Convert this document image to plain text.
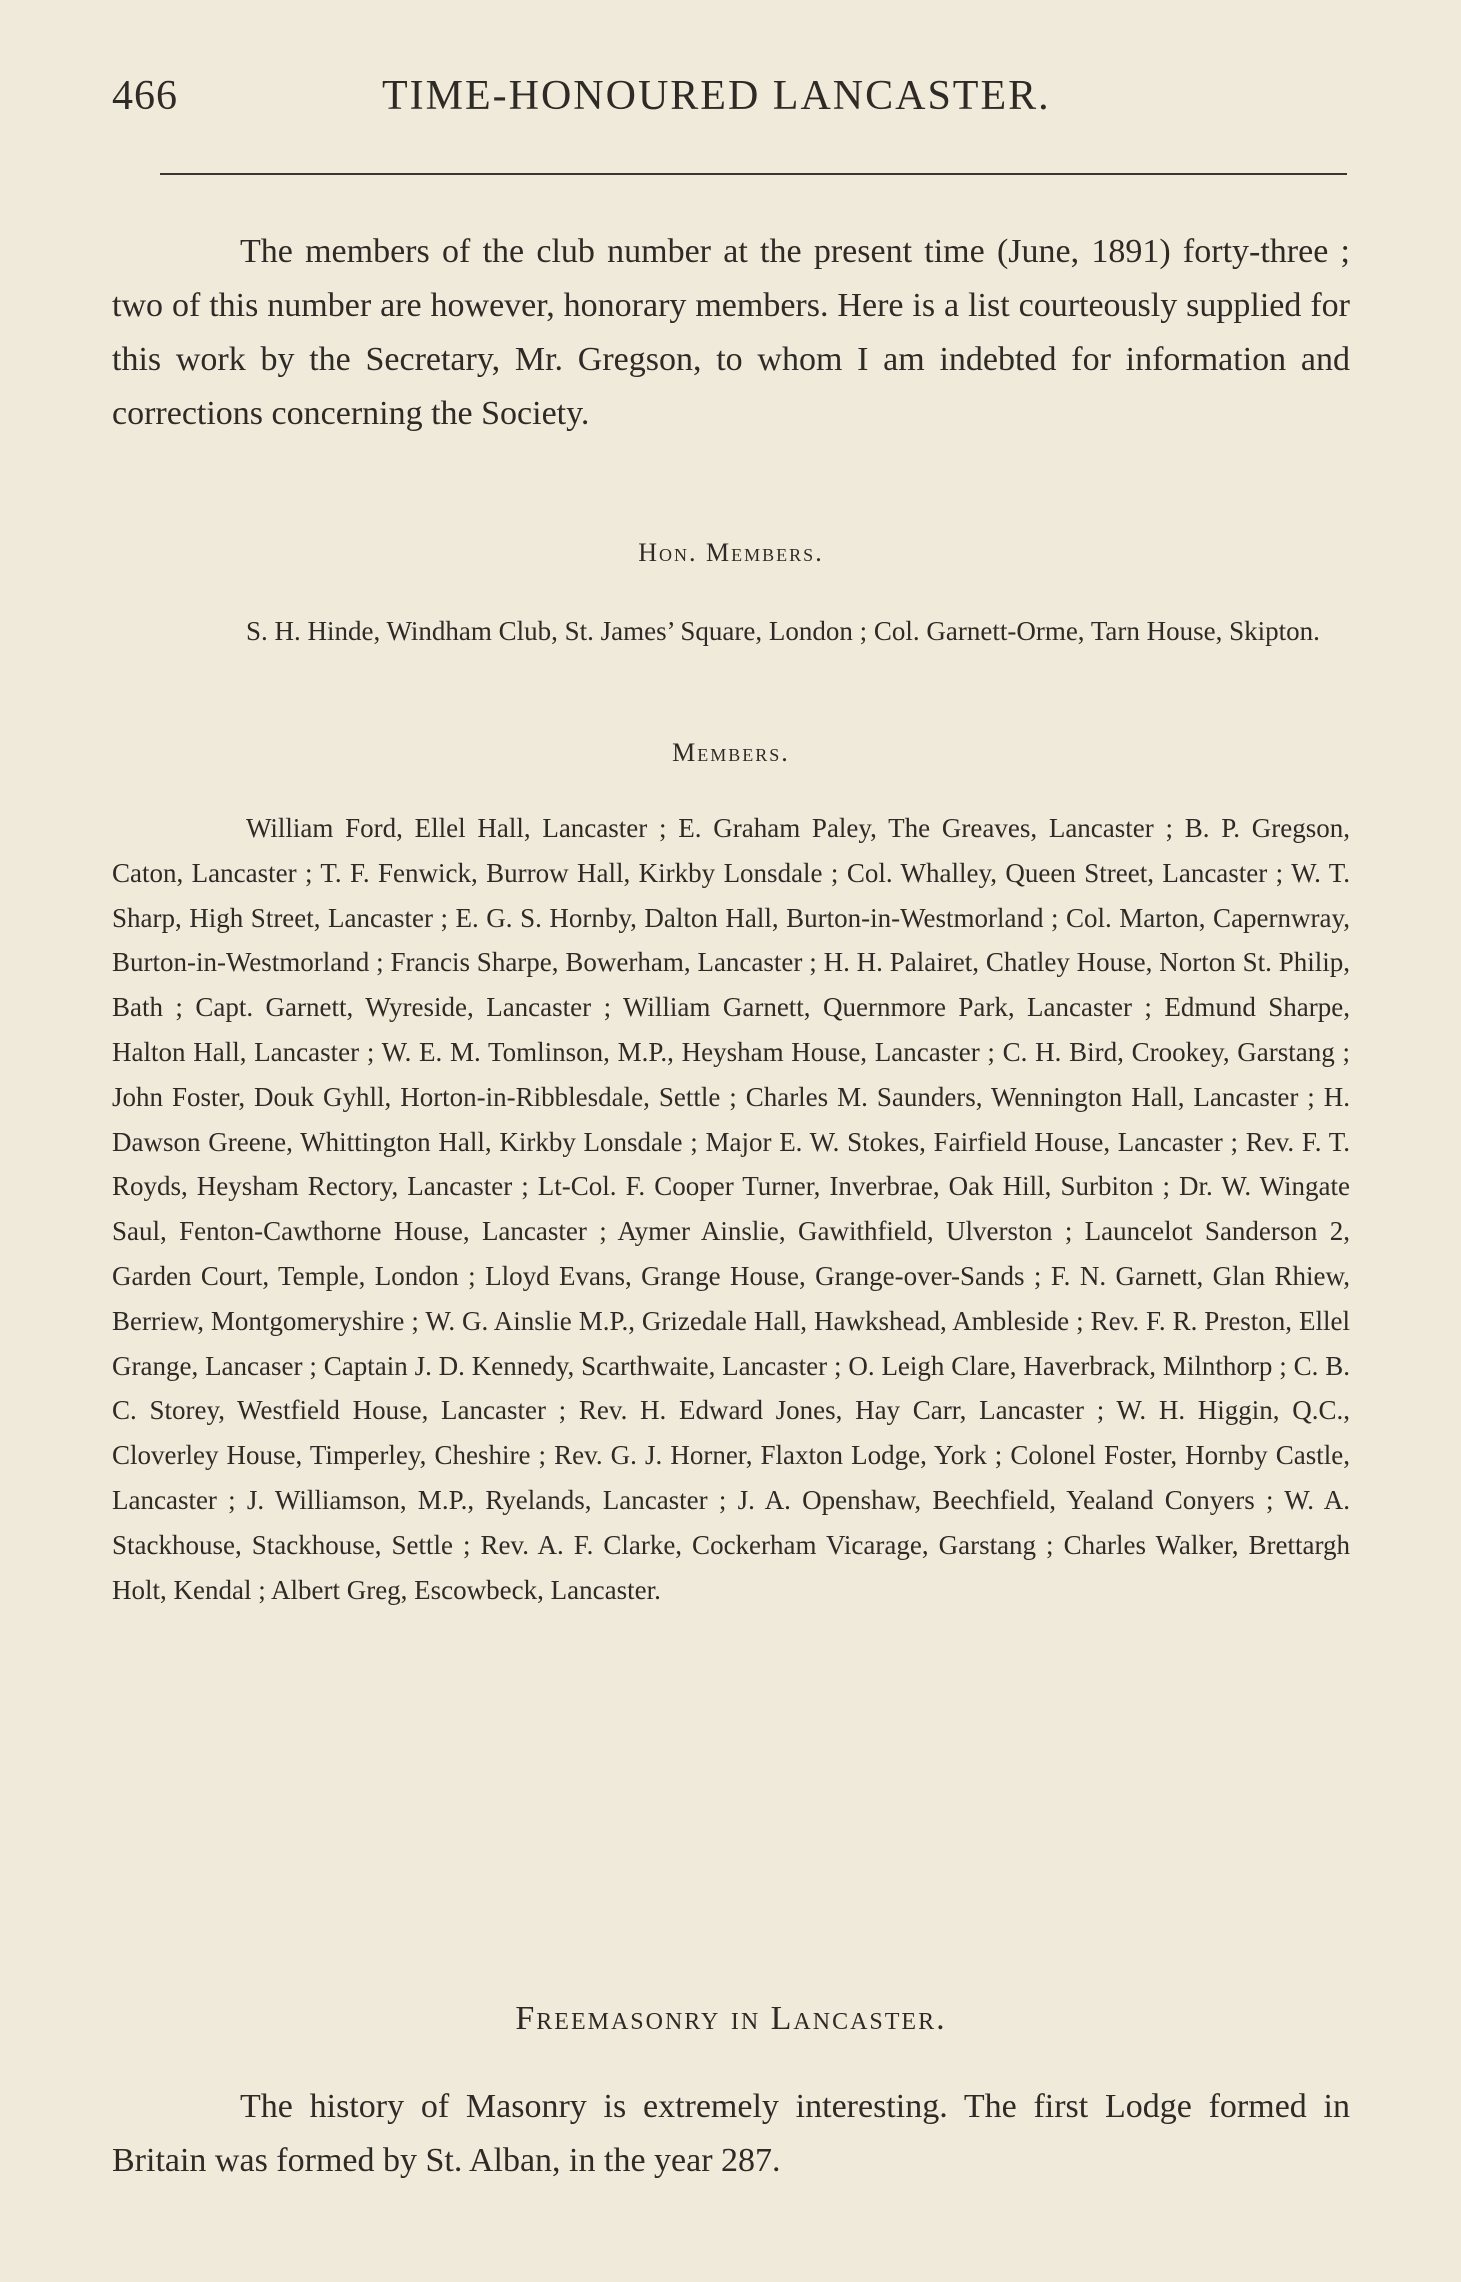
466	TIME-HONOURED LANCASTER.

The members of the club number at the present time (June, 1891) forty-three ; two of this number are however, honorary members. Here is a list courteously supplied for this work by the Secretary, Mr. Gregson, to whom I am indebted for information and corrections concerning the Society.

Hon. Members.

S. H. Hinde, Windham Club, St. James’ Square, London ; Col. Garnett-Orme, Tarn House, Skipton.

Members.

William Ford, Ellel Hall, Lancaster ; E. Graham Paley, The Greaves, Lancaster ; B. P. Gregson, Caton, Lancaster ; T. F. Fenwick, Burrow Hall, Kirkby Lonsdale ; Col. Whalley, Queen Street, Lancaster ; W. T. Sharp, High Street, Lancaster ; E. G. S. Hornby, Dalton Hall, Burton-in-Westmorland ; Col. Marton, Capernwray, Burton-in-Westmorland ; Francis Sharpe, Bowerham, Lancaster ; H. H. Palairet, Chatley House, Norton St. Philip, Bath ; Capt. Garnett, Wyreside, Lancaster ; William Garnett, Quernmore Park, Lancaster ; Edmund Sharpe, Halton Hall, Lancaster ; W. E. M. Tomlinson, M.P., Heysham House, Lancaster ; C. H. Bird, Crookey, Garstang ; John Foster, Douk Gyhll, Horton-in-Ribblesdale, Settle ; Charles M. Saunders, Wennington Hall, Lancaster ; H. Dawson Greene, Whittington Hall, Kirkby Lonsdale ; Major E. W. Stokes, Fairfield House, Lancaster ; Rev. F. T. Royds, Heysham Rectory, Lancaster ; Lt-Col. F. Cooper Turner, Inverbrae, Oak Hill, Surbiton ; Dr. W. Wingate Saul, Fenton-Cawthorne House, Lancaster ; Aymer Ainslie, Gawithfield, Ulverston ; Launcelot Sanderson 2, Garden Court, Temple, London ; Lloyd Evans, Grange House, Grange-over-Sands ; F. N. Garnett, Glan Rhiew, Berriew, Montgomeryshire ; W. G. Ainslie M.P., Grizedale Hall, Hawkshead, Ambleside ; Rev. F. R. Preston, Ellel Grange, Lancaser ; Captain J. D. Kennedy, Scarthwaite, Lancaster ; O. Leigh Clare, Haverbrack, Milnthorp ; C. B. C. Storey, Westfield House, Lancaster ; Rev. H. Edward Jones, Hay Carr, Lancaster ; W. H. Higgin, Q.C., Cloverley House, Timperley, Cheshire ; Rev. G. J. Horner, Flaxton Lodge, York ; Colonel Foster, Hornby Castle, Lancaster ; J. Williamson, M.P., Ryelands, Lancaster ; J. A. Openshaw, Beechfield, Yealand Conyers ; W. A. Stackhouse, Stackhouse, Settle ; Rev. A. F. Clarke, Cockerham Vicarage, Garstang ; Charles Walker, Brettargh Holt, Kendal ; Albert Greg, Escowbeck, Lancaster.

Freemasonry in Lancaster.

The history of Masonry is extremely interesting. The first Lodge formed in Britain was formed by St. Alban, in the year 287.
